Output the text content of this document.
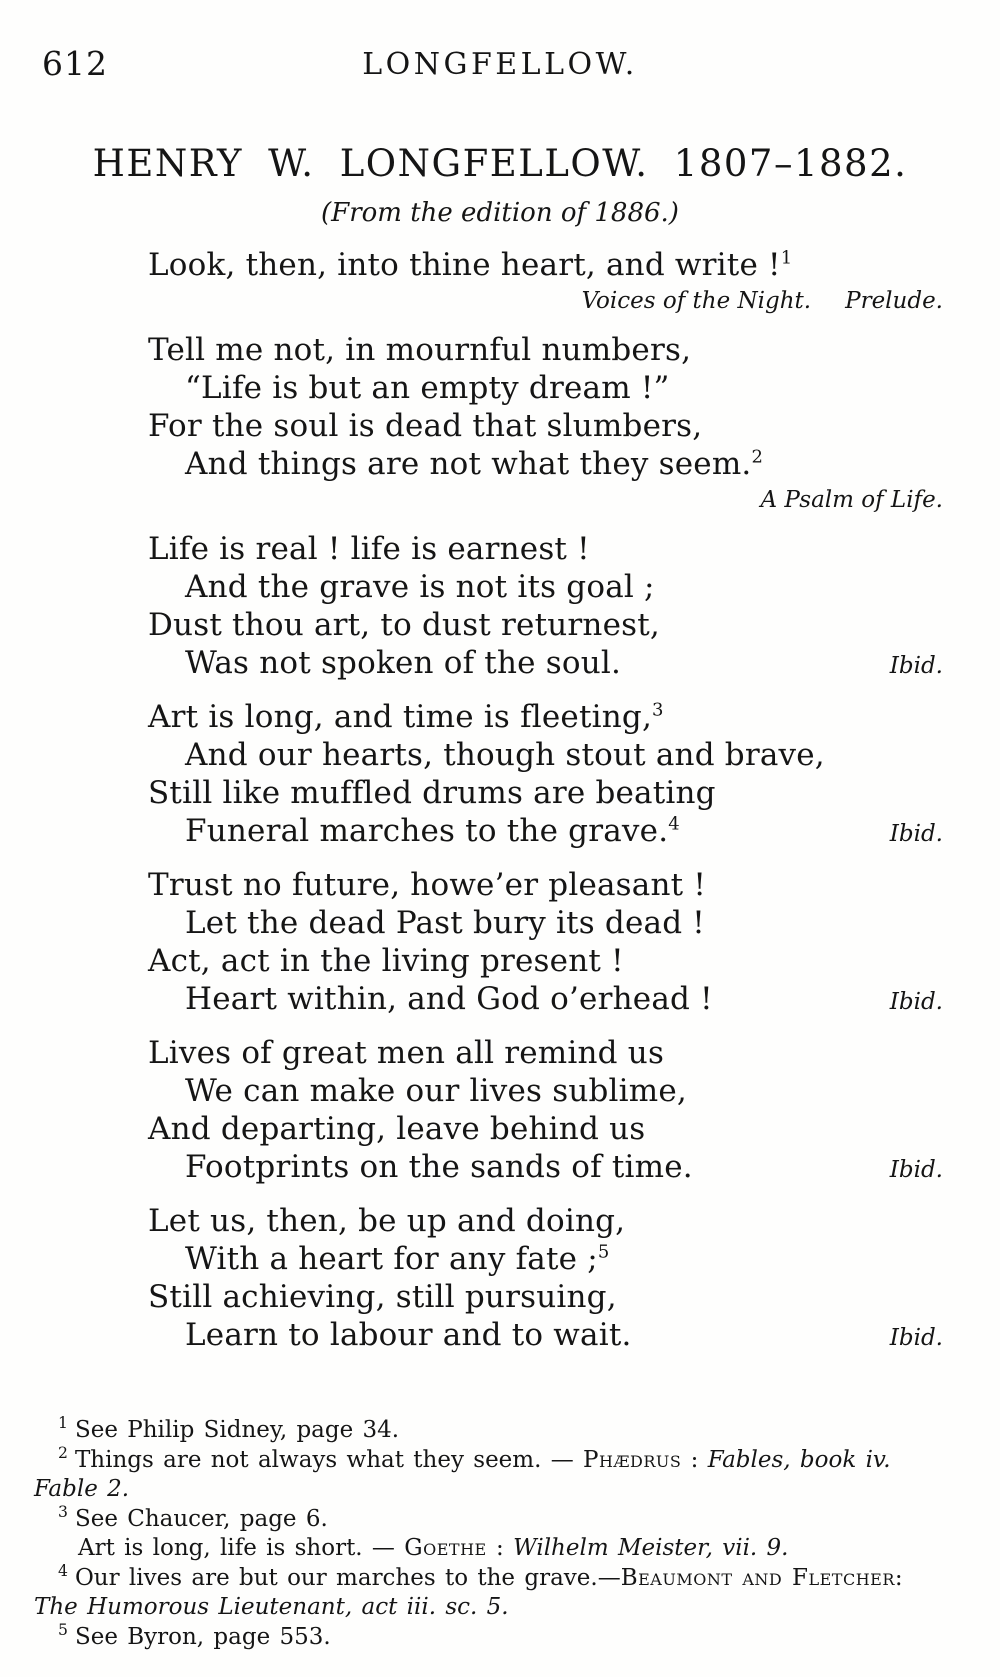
612	LONGFELLOW.
HENRY W. LONGFELLOW. 1807–1882.
(From the edition of 1886.)
Look, then, into thine heart, and write !$^1$
Voices of the Night. Prelude.
Tell me not, in mournful numbers,
“Life is but an empty dream !”
For the soul is dead that slumbers,
And things are not what they seem.$^2$
A Psalm of Life.
Life is real ! life is earnest !
And the grave is not its goal ;
Dust thou art, to dust returnest,
Was not spoken of the soul.	Ibid.
Art is long, and time is fleeting,$^3$
And our hearts, though stout and brave,
Still like muffled drums are beating
Funeral marches to the grave.$^4$	Ibid.
Trust no future, howe’er pleasant !
Let the dead Past bury its dead !
Act, act in the living present !
Heart within, and God o’erhead !	Ibid.
Lives of great men all remind us
We can make our lives sublime,
And departing, leave behind us
Footprints on the sands of time.	Ibid.
Let us, then, be up and doing,
With a heart for any fate ;$^5$
Still achieving, still pursuing,
Learn to labour and to wait.	Ibid.
$^1$ See Philip Sidney, page 34.
$^2$ Things are not always what they seem. — Phædrus : Fables, book iv.
Fable 2.
$^3$ See Chaucer, page 6.
Art is long, life is short. — Goethe : Wilhelm Meister, vii. 9.
$^4$ Our lives are but our marches to the grave.—Beaumont and Fletcher:
The Humorous Lieutenant, act iii. sc. 5.
$^5$ See Byron, page 553.
